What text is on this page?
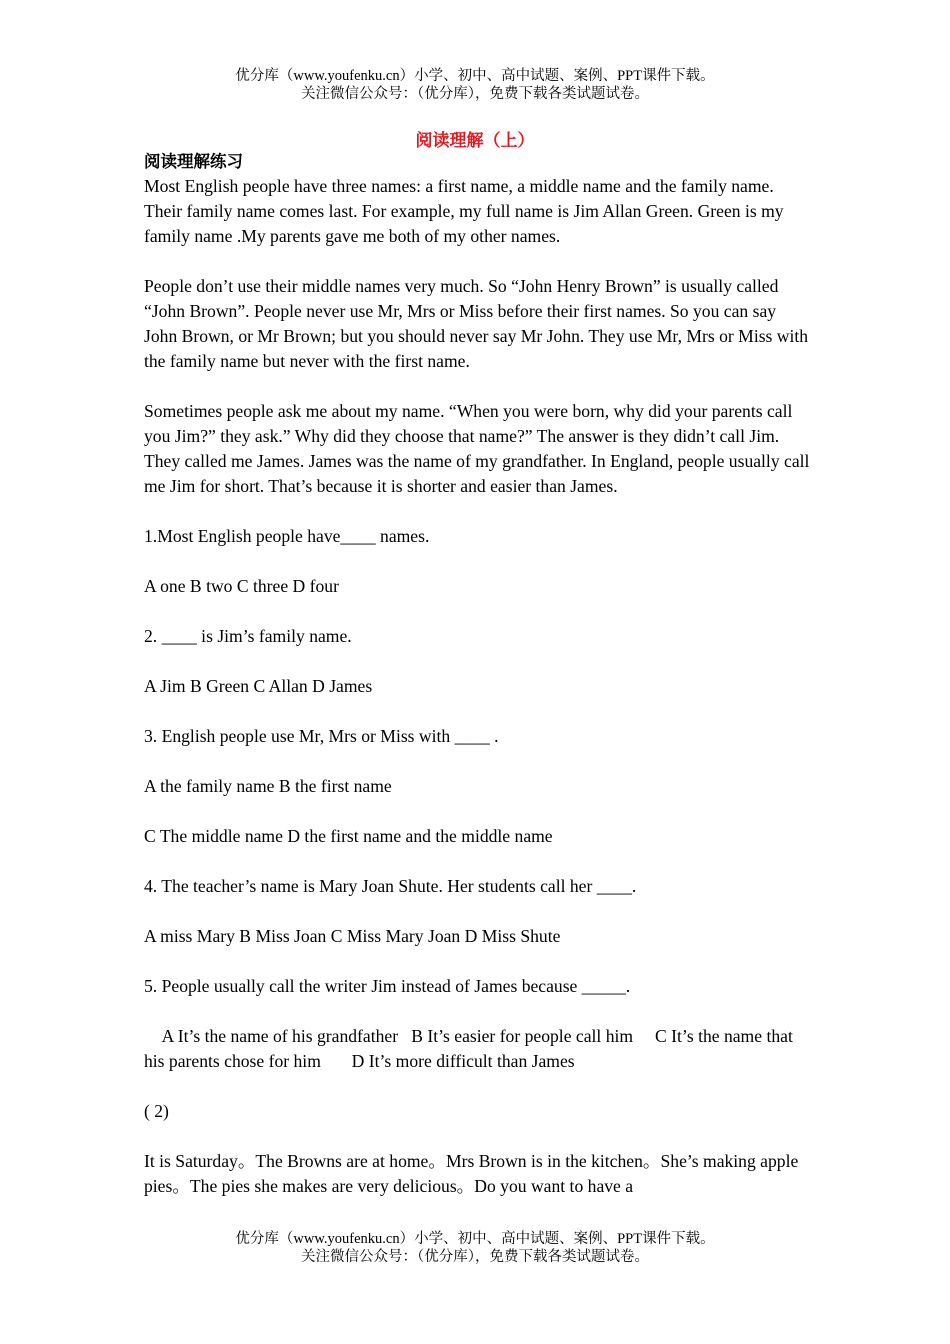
优分库（www.youfenku.cn）小学、初中、高中试题、案例、PPT课件下载。
关注微信公众号：（优分库），免费下载各类试题试卷。
阅读理解（上）

阅读理解练习

Most English people have three names: a first name, a middle name and the family name. Their family name comes last. For example, my full name is Jim Allan Green. Green is my family name .My parents gave me both of my other names.

People don’t use their middle names very much. So “John Henry Brown” is usually called “John Brown”. People never use Mr, Mrs or Miss before their first names. So you can say John Brown, or Mr Brown; but you should never say Mr John. They use Mr, Mrs or Miss with the family name but never with the first name.

Sometimes people ask me about my name. “When you were born, why did your parents call you Jim?” they ask.” Why did they choose that name?” The answer is they didn’t call Jim. They called me James. James was the name of my grandfather. In England, people usually call me Jim for short. That’s because it is shorter and easier than James.

1.Most English people have____ names.

A one B two C three D four

2. ____ is Jim’s family name.

A Jim B Green C Allan D James

3. English people use Mr, Mrs or Miss with ____ .

A the family name B the first name

C The middle name D the first name and the middle name

4. The teacher’s name is Mary Joan Shute. Her students call her ____.

A miss Mary B Miss Joan C Miss Mary Joan D Miss Shute

5. People usually call the writer Jim instead of James because _____.

A It’s the name of his grandfather   B It’s easier for people call him     C It’s the name that his parents chose for him       D It’s more difficult than James

( 2)

It is Saturday。The Browns are at home。Mrs Brown is in the kitchen。She’s making apple pies。The pies she makes are very delicious。Do you want to have a

优分库（www.youfenku.cn）小学、初中、高中试题、案例、PPT课件下载。
关注微信公众号：（优分库），免费下载各类试题试卷。
